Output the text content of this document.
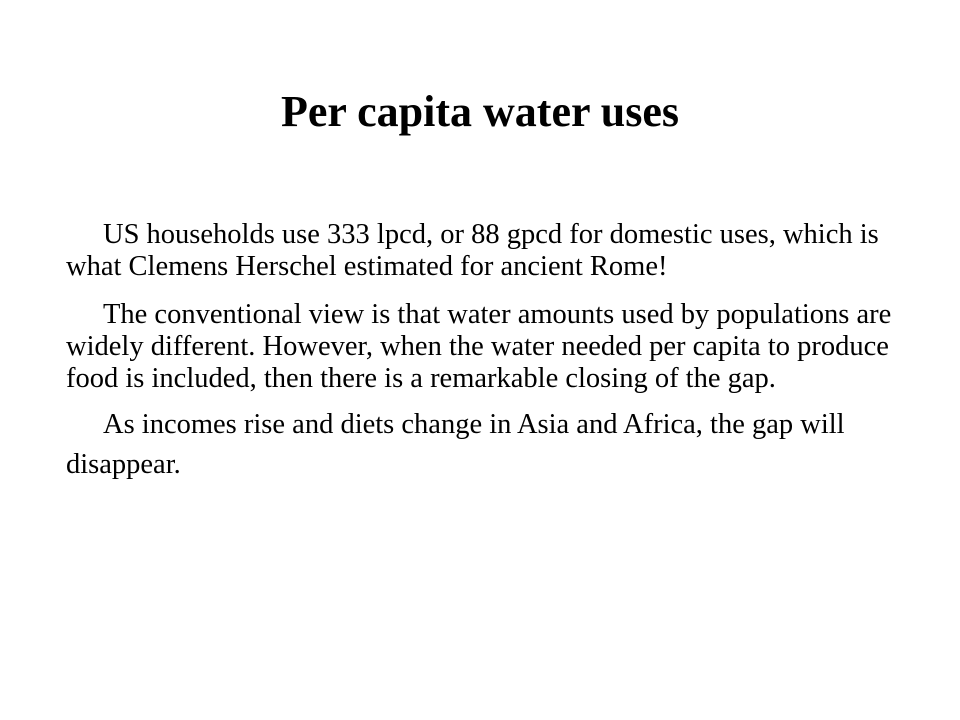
Per capita water uses

US households use 333 lpcd, or 88 gpcd for domestic uses, which is what Clemens Herschel estimated for ancient Rome!

The conventional view is that water amounts used by populations are widely different. However, when the water needed per capita to produce food is included, then there is a remarkable closing of the gap.

As incomes rise and diets change in Asia and Africa, the gap will disappear.
